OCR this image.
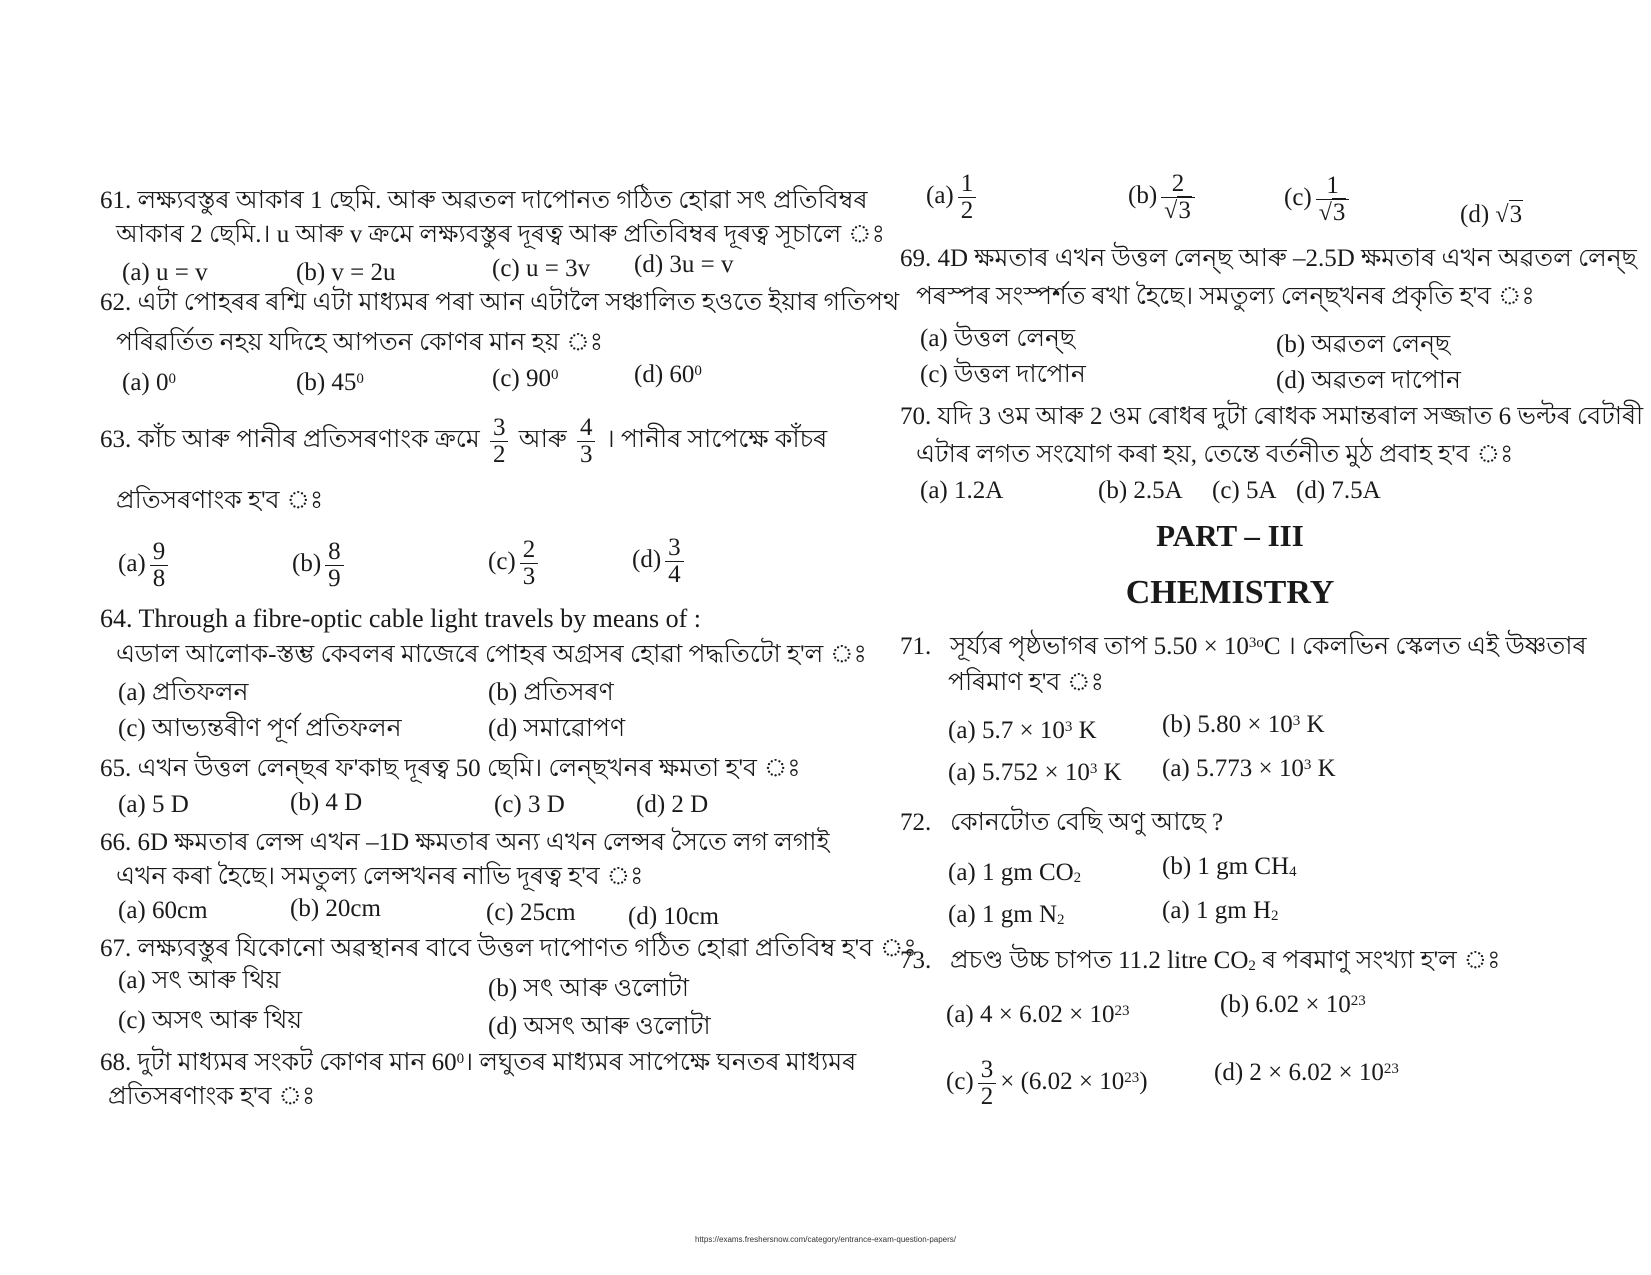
61. লক্ষ্যবস্তুৰ আকাৰ 1 ছেমি. আৰু অৱতল দাপোনত গঠিত হোৱা সৎ প্ৰতিবিম্বৰ
আকাৰ 2 ছেমি.। u আৰু v ক্ৰমে লক্ষ্যবস্তুৰ দূৰত্ব আৰু প্ৰতিবিম্বৰ দূৰত্ব সূচালে ঃ
(a) u = v	(b) v = 2u	(c) u = 3v (d) 3u = v
62. এটা পোহৰৰ ৰশ্মি এটা মাধ্যমৰ পৰা আন এটালৈ সঞ্চালিত হওতে ইয়াৰ গতিপথ
পৰিৱৰ্তিত নহয় যদিহে আপতন কোণৰ মান হয় ঃ
(a) $0^0$	(b) $45^0$	(c) $90^0$	(d) $60^0$
63. কাঁচ আৰু পানীৰ প্ৰতিসৰণাংক ক্ৰমে $\frac{3}{2}$ আৰু $\frac{4}{3}$ । পানীৰ সাপেক্ষে কাঁচৰ
প্ৰতিসৰণাংক হ'ব ঃ
$(a) \frac{9}{8}$	$(b) \frac{8}{9}$	$(c) \frac{2}{3}$	$(d) \frac{3}{4}$
64. Through a fibre-optic cable light travels by means of :
এডাল আলোক-স্তম্ভ কেবলৰ মাজেৰে পোহৰ অগ্ৰসৰ হোৱা পদ্ধতিটো হ'ল ঃ
(a) প্ৰতিফলন	(b) প্ৰতিসৰণ
(c) আভ্যন্তৰীণ পূৰ্ণ প্ৰতিফলন	(d) সমাৱোপণ
65. এখন উত্তল লেন্‌ছৰ ফ'কাছ দূৰত্ব 50 ছেমি। লেন্‌ছখনৰ ক্ষমতা হ'ব ঃ
(a) 5 D	(b) 4 D	(c) 3 D	(d) 2 D
66. 6D ক্ষমতাৰ লেন্স এখন –1D ক্ষমতাৰ অন্য এখন লেন্সৰ সৈতে লগ লগাই
এখন কৰা হৈছে। সমতুল্য লেন্সখনৰ নাভি দূৰত্ব হ'ব ঃ
(a) 60cm	(b) 20cm	(c) 25cm (d) 10cm
67. লক্ষ্যবস্তুৰ যিকোনো অৱস্থানৰ বাবে উত্তল দাপোণত গঠিত হোৱা প্ৰতিবিম্ব হ'ব ঃ
(a) সৎ আৰু থিয়	(b) সৎ আৰু ওলোটা
(c) অসৎ আৰু থিয়	(d) অসৎ আৰু ওলোটা
68. দুটা মাধ্যমৰ সংকট কোণৰ মান $60^0।$ লঘুতৰ মাধ্যমৰ সাপেক্ষে ঘনতৰ মাধ্যমৰ
প্ৰতিসৰণাংক হ'ব ঃ
$(a) \frac{1}{2}$	$(b) \frac{2}{√3}$	$(c) \frac{1}{√3}$	(d) √3
69. 4D ক্ষমতাৰ এখন উত্তল লেন্‌ছ আৰু –2.5D ক্ষমতাৰ এখন অৱতল লেন্‌ছ
পৰস্পৰ সংস্পৰ্শত ৰখা হৈছে। সমতুল্য লেন্‌ছখনৰ প্ৰকৃতি হ'ব ঃ
(a) উত্তল লেন্‌ছ	(b) অৱতল লেন্‌ছ
(c) উত্তল দাপোন	(d) অৱতল দাপোন
70. যদি 3 ওম আৰু 2 ওম ৰোধৰ দুটা ৰোধক সমান্তৰাল সজ্জাত 6 ভল্টৰ বেটাৰী
এটাৰ লগত সংযোগ কৰা হয়, তেন্তে বৰ্তনীত মুঠ প্ৰবাহ হ'ব ঃ
(a) 1.2A	(b) 2.5A (c) 5A (d) 7.5A
PART – III
CHEMISTRY
71. সূৰ্য্যৰ পৃষ্ঠভাগৰ তাপ $5.50 \times 10^{3o}C$ । কেলভিন স্কেলত এই উষ্ণতাৰ
পৰিমাণ হ'ব ঃ
(a) $5.7 \times 10^3$ K	(b) $5.80 \times 10^3$ K
(a) $5.752 \times 10^3$ K (a) $5.773 \times 10^3$ K
72. কোনটোত বেছি অণু আছে ?
(a) 1 gm $CO_2$	(b) 1 gm $CH_4$
(a) 1 gm $N_2$	(a) 1 gm $H_2$
73. প্ৰচণ্ড উচ্চ চাপত 11.2 litre $CO_2$ ৰ পৰমাণু সংখ্যা হ'ল ঃ
(a) $4 \times 6.02 \times 10^{23}$	(b) $6.02 \times 10^{23}$
$(c) \frac{3}{2} \times (6.02 \times 10^{23})$	(d) $2 \times 6.02 \times 10^{23}$
https://exams.freshersnow.com/category/entrance-exam-question-papers/
